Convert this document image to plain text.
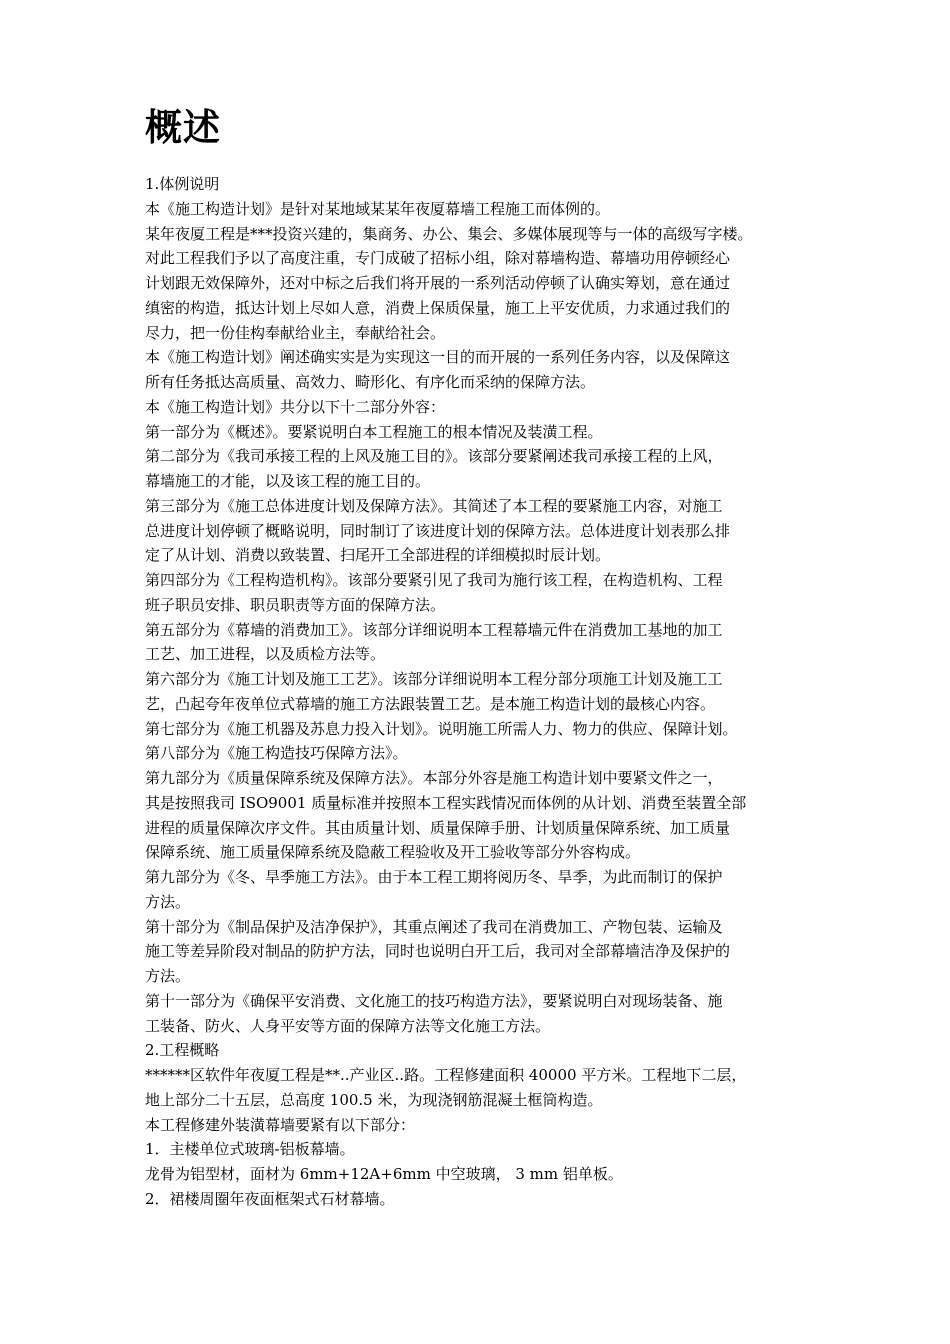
概述

1.体例说明

本《施工构造计划》是针对某地域某某年夜厦幕墙工程施工而体例的。

某年夜厦工程是***投资兴建的，集商务、办公、集会、多媒体展现等与一体的高级写字楼。

对此工程我们予以了高度注重，专门成破了招标小组，除对幕墙构造、幕墙功用停顿经心

计划跟无效保障外，还对中标之后我们将开展的一系列活动停顿了认确实筹划，意在通过

缜密的构造，抵达计划上尽如人意，消费上保质保量，施工上平安优质，力求通过我们的

尽力，把一份佳构奉献给业主，奉献给社会。

本《施工构造计划》阐述确实实是为实现这一目的而开展的一系列任务内容，以及保障这

所有任务抵达高质量、高效力、畸形化、有序化而采纳的保障方法。

本《施工构造计划》共分以下十二部分外容：

第一部分为《概述》。要紧说明白本工程施工的根本情况及装潢工程。

第二部分为《我司承接工程的上风及施工目的》。该部分要紧阐述我司承接工程的上风，

幕墙施工的才能，以及该工程的施工目的。

第三部分为《施工总体进度计划及保障方法》。其简述了本工程的要紧施工内容，对施工

总进度计划停顿了概略说明，同时制订了该进度计划的保障方法。总体进度计划表那么排

定了从计划、消费以致装置、扫尾开工全部进程的详细模拟时辰计划。

第四部分为《工程构造机构》。该部分要紧引见了我司为施行该工程，在构造机构、工程

班子职员安排、职员职责等方面的保障方法。

第五部分为《幕墙的消费加工》。该部分详细说明本工程幕墙元件在消费加工基地的加工

工艺、加工进程，以及质检方法等。

第六部分为《施工计划及施工工艺》。该部分详细说明本工程分部分项施工计划及施工工

艺，凸起夸年夜单位式幕墙的施工方法跟装置工艺。是本施工构造计划的最核心内容。

第七部分为《施工机器及苏息力投入计划》。说明施工所需人力、物力的供应、保障计划。

第八部分为《施工构造技巧保障方法》。

第九部分为《质量保障系统及保障方法》。本部分外容是施工构造计划中要紧文件之一，

其是按照我司 ISO9001 质量标准并按照本工程实践情况而体例的从计划、消费至装置全部

进程的质量保障次序文件。其由质量计划、质量保障手册、计划质量保障系统、加工质量

保障系统、施工质量保障系统及隐蔽工程验收及开工验收等部分外容构成。

第九部分为《冬、旱季施工方法》。由于本工程工期将阅历冬、旱季，为此而制订的保护

方法。

第十部分为《制品保护及洁净保护》，其重点阐述了我司在消费加工、产物包装、运输及

施工等差异阶段对制品的防护方法，同时也说明白开工后，我司对全部幕墙洁净及保护的

方法。

第十一部分为《确保平安消费、文化施工的技巧构造方法》，要紧说明白对现场装备、施

工装备、防火、人身平安等方面的保障方法等文化施工方法。

2.工程概略

******区软件年夜厦工程是**..产业区..路。工程修建面积 40000 平方米。工程地下二层，

地上部分二十五层，总高度 100.5 米，为现浇钢筋混凝土框筒构造。

本工程修建外装潢幕墙要紧有以下部分：

1．主楼单位式玻璃-铝板幕墙。

龙骨为铝型材，面材为 6mm+12A+6mm 中空玻璃， 3 mm 铝单板。

2．裙楼周圈年夜面框架式石材幕墙。
